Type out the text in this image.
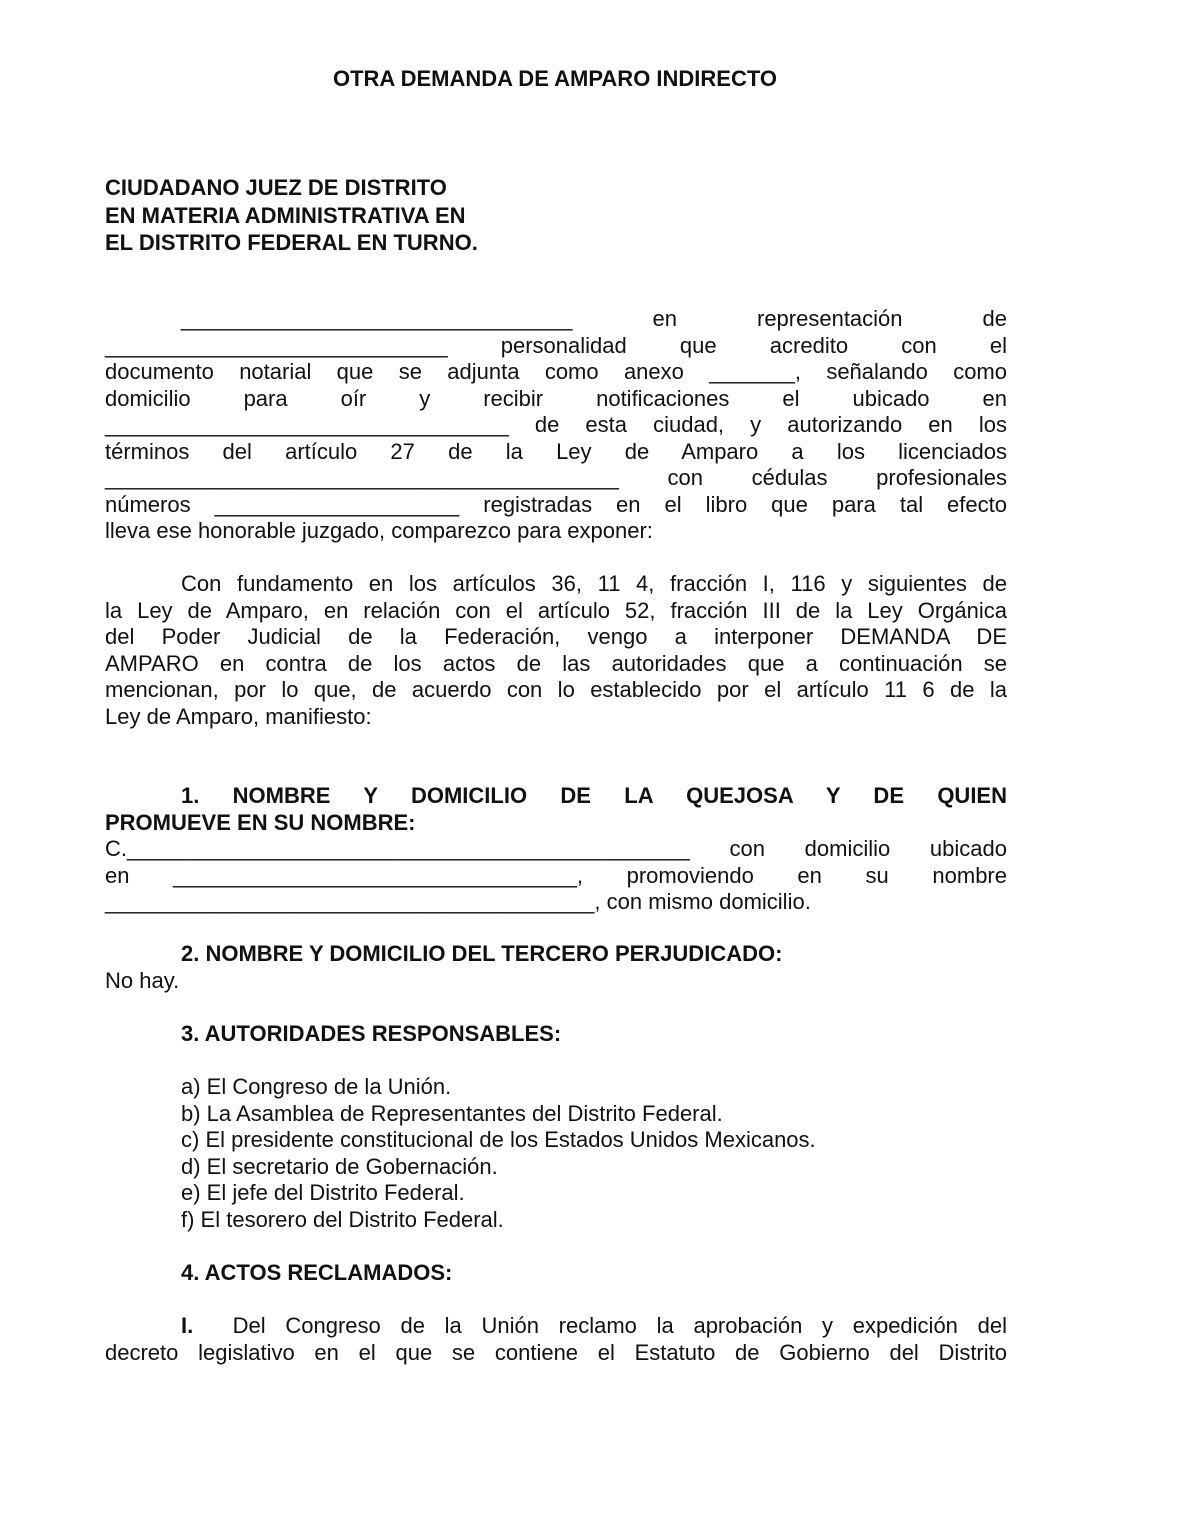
OTRA DEMANDA DE AMPARO INDIRECTO
CIUDADANO JUEZ DE DISTRITO
EN MATERIA ADMINISTRATIVA EN
EL DISTRITO FEDERAL EN TURNO.
________________________________ en representación de
____________________________ personalidad que acredito con el
documento notarial que se adjunta como anexo _______, señalando como
domicilio para oír y recibir notificaciones el ubicado en
_________________________________ de esta ciudad, y autorizando en los
términos del artículo 27 de la Ley de Amparo a los licenciados
__________________________________________ con cédulas profesionales
números ____________________ registradas en el libro que para tal efecto
lleva ese honorable juzgado, comparezco para exponer:
Con fundamento en los artículos 36, 11 4, fracción I, 116 y siguientes de
la Ley de Amparo, en relación con el artículo 52, fracción III de la Ley Orgánica
del Poder Judicial de la Federación, vengo a interponer DEMANDA DE
AMPARO en contra de los actos de las autoridades que a continuación se
mencionan, por lo que, de acuerdo con lo establecido por el artículo 11 6 de la
Ley de Amparo, manifiesto:
1. NOMBRE Y DOMICILIO DE LA QUEJOSA Y DE QUIEN
PROMUEVE EN SU NOMBRE:
C.______________________________________________ con domicilio ubicado
en _________________________________, promoviendo en su nombre
________________________________________, con mismo domicilio.
2. NOMBRE Y DOMICILIO DEL TERCERO PERJUDICADO:
No hay.
3. AUTORIDADES RESPONSABLES:
a) El Congreso de la Unión.
b) La Asamblea de Representantes del Distrito Federal.
c) El presidente constitucional de los Estados Unidos Mexicanos.
d) El secretario de Gobernación.
e) El jefe del Distrito Federal.
f) El tesorero del Distrito Federal.
4. ACTOS RECLAMADOS:
I. Del Congreso de la Unión reclamo la aprobación y expedición del
decreto legislativo en el que se contiene el Estatuto de Gobierno del Distrito
